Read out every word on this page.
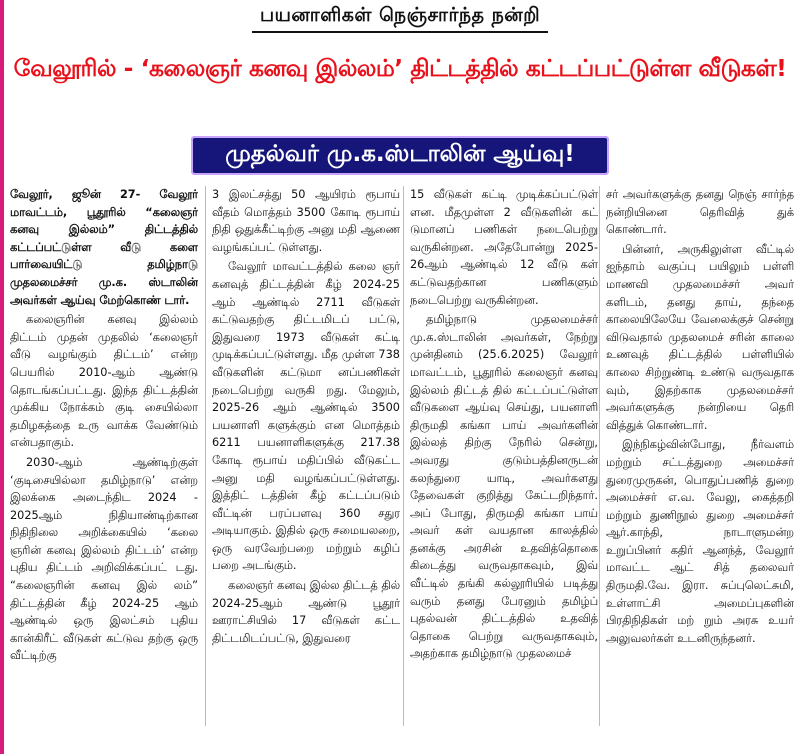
பயனாளிகள் நெஞ்சார்ந்த நன்றி
வேலூரில் - ‘கலைஞர் கனவு இல்லம்’ திட்டத்தில் கட்டப்பட்டுள்ள வீடுகள்!
முதல்வர் மு.க.ஸ்டாலின் ஆய்வு!

வேலூர், ஜூன் 27- வேலூர் மாவட்டம், பூதூரில் “கலைஞர் கனவு இல்லம்” திட்டத்தில் கட்டப்பட்டுள்ள வீடு களை பார்வையிட்டு தமிழ்நாடு முதலமைச்சர் மு.க. ஸ்டாலின் அவர்கள் ஆய்வு மேற்கொண் டார்.

கலைஞரின் கனவு இல்லம் திட்டம் முதன் முதலில் ‘கலைஞர் வீடு வழங்கும் திட்டம்’ என்ற பெயரில் 2010-ஆம் ஆண்டு தொடங்கப்பட்டது. இந்த திட்டத்தின் முக்கிய நோக்கம் குடி சையில்லா தமிழகத்தை உரு வாக்க வேண்டும் என்பதாகும்.

2030-ஆம் ஆண்டிற்குள் ‘குடிசையில்லா தமிழ்நாடு’ என்ற இலக்கை அடைந்திட 2024 - 2025ஆம் நிதியாண்டிற்கான நிதிநிலை அறிக்கையில் ‘கலை ஞரின் கனவு இல்லம் திட்டம்’ என்ற புதிய திட்டம் அறிவிக்கப்பட் டது. “கலைஞரின் கனவு இல் லம்” திட்டத்தின் கீழ் 2024-25 ஆம் ஆண்டில் ஒரு இலட்சம் புதிய கான்கிரீட் வீடுகள் கட்டுவ தற்கு ஒரு வீட்டிற்கு

3 இலட்சத்து 50 ஆயிரம் ரூபாய் வீதம் மொத்தம் 3500 கோடி ரூபாய் நிதி ஒதுக்கீட்டிற்கு அனு மதி ஆணை வழங்கப்பட் டுள்ளது.

வேலூர் மாவட்டத்தில் கலை ஞர் கனவுத் திட்டத்தின் கீழ் 2024-25 ஆம் ஆண்டில் 2711 வீடுகள் கட்டுவதற்கு திட்டமிடப் பட்டு, இதுவரை 1973 வீடுகள் கட்டி முடிக்கப்பட்டுள்ளது. மீத முள்ள 738 வீடுகளின் கட்டுமா னப்பணிகள் நடைபெற்று வருகி றது. மேலும், 2025-26 ஆம் ஆண்டில் 3500 பயனாளி களுக்கும் என மொத்தம் 6211 பயனாளிகளுக்கு 217.38 கோடி ரூபாய் மதிப்பில் வீடுகட்ட அனு மதி வழங்கப்பட்டுள்ளது. இத்திட் டத்தின் கீழ் கட்டப்படும் வீட்டின் பரப்பளவு 360 சதுர அடியாகும். இதில் ஒரு சமையலறை, ஒரு வரவேற்பறை மற்றும் கழிப் பறை அடங்கும்.

கலைஞர் கனவு இல்ல திட்டத் தில் 2024-25ஆம் ஆண்டு பூதூர் ஊராட்சியில் 17 வீடுகள் கட்ட திட்டமிடப்பட்டு, இதுவரை

15 வீடுகள் கட்டி முடிக்கப்பட்டுள் ளன. மீதமுள்ள 2 வீடுகளின் கட் டுமானப் பணிகள் நடைபெற்று வருகின்றன. அதேபோன்று 2025-26ஆம் ஆண்டில் 12 வீடு கள் கட்டுவதற்கான பணிகளும் நடைபெற்று வருகின்றன.

தமிழ்நாடு முதலமைச்சர் மு.க.ஸ்டாலின் அவர்கள், நேற்று முன்தினம் (25.6.2025) வேலூர் மாவட்டம், பூதூரில் கலைஞர் கனவு இல்லம் திட்டத் தில் கட்டப்பட்டுள்ள வீடுகளை ஆய்வு செய்து, பயனாளி திருமதி கங்கா பாய் அவர்களின் இல்லத் திற்கு நேரில் சென்று, அவரது குடும்பத்தினருடன் கலந்துரை யாடி, அவர்களது தேவைகள் குறித்து கேட்டறிந்தார். அப் போது, திருமதி கங்கா பாய் அவர் கள் வயதான காலத்தில் தனக்கு அரசின் உதவித்தொகை கிடைத்து வருவதாகவும், இவ் வீட்டில் தங்கி கல்லூரியில் படித்து வரும் தனது பேரனும் தமிழ்ப் புதல்வன் திட்டத்தில் உதவித் தொகை பெற்று வருவதாகவும், அதற்காக தமிழ்நாடு முதலமைச்

சர் அவர்களுக்கு தனது நெஞ் சார்ந்த நன்றியினை தெரிவித் துக் கொண்டார்.

பின்னர், அருகிலுள்ள வீட்டில் ஐந்தாம் வகுப்பு பயிலும் பள்ளி மாணவி முதலமைச்சர் அவர் களிடம், தனது தாய், தந்தை காலையிலேயே வேலைக்குச் சென்று விடுவதால் முதலமைச் சரின் காலை உணவுத் திட்டத்தில் பள்ளியில் காலை சிற்றுண்டி உண்டு வருவதாக வும், இதற்காக முதலமைச்சர் அவர்களுக்கு நன்றியை தெரி வித்துக் கொண்டார்.

இந்நிகழ்வின்போது, நீர்வளம் மற்றும் சட்டத்துறை அமைச்சர் துரைமுருகன், பொதுப்பணித் துறை அமைச்சர் எ.வ. வேலு, கைத்தறி மற்றும் துணிநூல் துறை அமைச்சர் ஆர்.காந்தி, நாடாளுமன்ற உறுப்பினர் கதிர் ஆனந்த், வேலூர் மாவட்ட ஆட் சித் தலைவர் திருமதி.வே. இரா. சுப்புலெட்சுமி, உள்ளாட்சி அமைப்புகளின் பிரதிநிதிகள் மற் றும் அரசு உயர் அலுவலர்கள் உடனிருந்தனர்.
